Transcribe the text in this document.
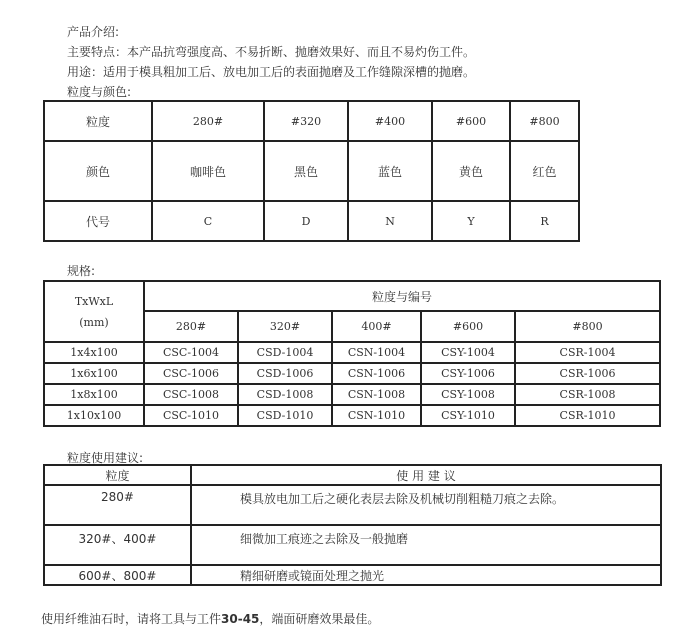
产品介绍:
主要特点：本产品抗弯强度高、不易折断、抛磨效果好、而且不易灼伤工件。
用途：适用于模具粗加工后、放电加工后的表面抛磨及工作缝隙深槽的抛磨。
粒度与颜色:
粒度	280#	#320	#400	#600	#800
颜色	咖啡色	黑色	蓝色	黄色	红色
代号	C	D	N	Y	R
规格:
TxWxL
(mm)	粒度与编号				
	280#	320#	400#	#600	#800
1x4x100	CSC-1004	CSD-1004	CSN-1004	CSY-1004	CSR-1004
1x6x100	CSC-1006	CSD-1006	CSN-1006	CSY-1006	CSR-1006
1x8x100	CSC-1008	CSD-1008	CSN-1008	CSY-1008	CSR-1008
1x10x100	CSC-1010	CSD-1010	CSN-1010	CSY-1010	CSR-1010
粒度使用建议:
粒度	使 用 建 议
280#	模具放电加工后之硬化表层去除及机械切削粗糙刀痕之去除。
320#、400#	细微加工痕迹之去除及一般抛磨
600#、800#	精细研磨或镜面处理之抛光
使用纤维油石时，请将工具与工件30-45，端面研磨效果最佳。
